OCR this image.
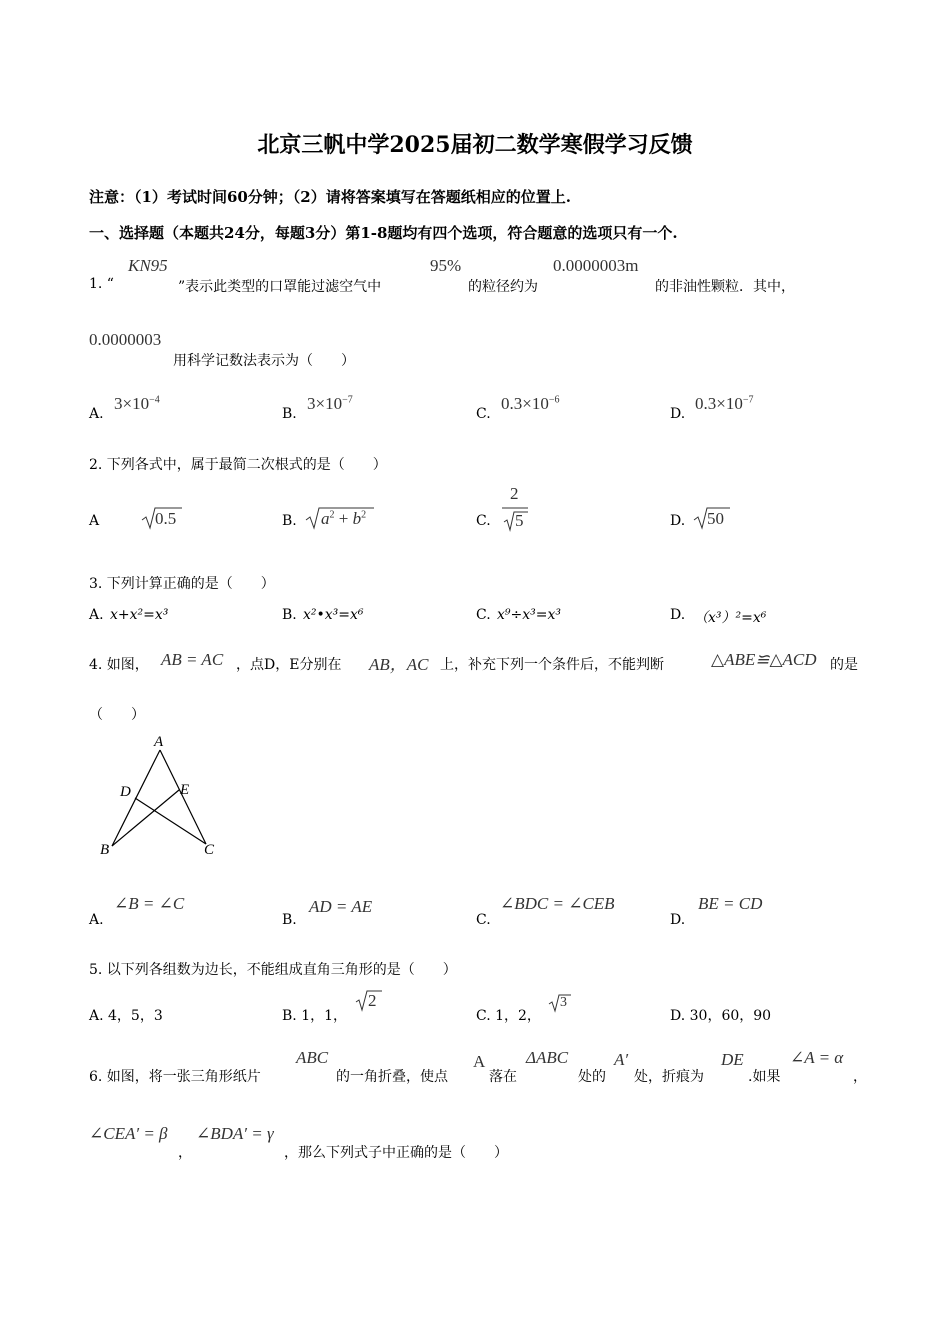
北京三帆中学2025届初二数学寒假学习反馈
注意：（1）考试时间60分钟；（2）请将答案填写在答题纸相应的位置上.
一、选择题（本题共24分，每题3分）第1-8题均有四个选项，符合题意的选项只有一个.
1. “
KN95
”表示此类型的口罩能过滤空气中
95%
的粒径约为
0.0000003m
的非油性颗粒．其中，
0.0000003
用科学记数法表示为（　　）
A.
$3\times 10^{-4}$
B.
$3\times 10^{-7}$
C.
$0.3\times 10^{-6}$
D.
$0.3\times 10^{-7}$
2. 下列各式中，属于最简二次根式的是（　　）
A	0.5	B. $a^2 + b^2$	C.
2
5	D. 50
3. 下列计算正确的是（　　）
A. x+x²=x³	B. x²•x³=x⁶	C. x⁹÷x³=x³	D. （x³）²=x⁶
4. 如图， AB = AC ，点D，E分别在 AB，AC 上，补充下列一个条件后，不能判断	△ABE≌△ACD 的是
（　　）
A
D	E
B	C
A.
∠B = ∠C
B.
AD = AE
C.
∠BDC = ∠CEB
D.
BE = CD
5. 以下列各组数为边长，不能组成直角三角形的是（　　）
A. 4，5，3	B. 1，1，
2
C. 1，2，
3
D. 30，60，90
6. 如图，将一张三角形纸片
ABC
的一角折叠，使点
A
落在
ΔABC
处的
A′
处，折痕为
DE
.如果
∠A = α
，
∠CEA′ = β
，
∠BDA′ = γ
，那么下列式子中正确的是（　　）
